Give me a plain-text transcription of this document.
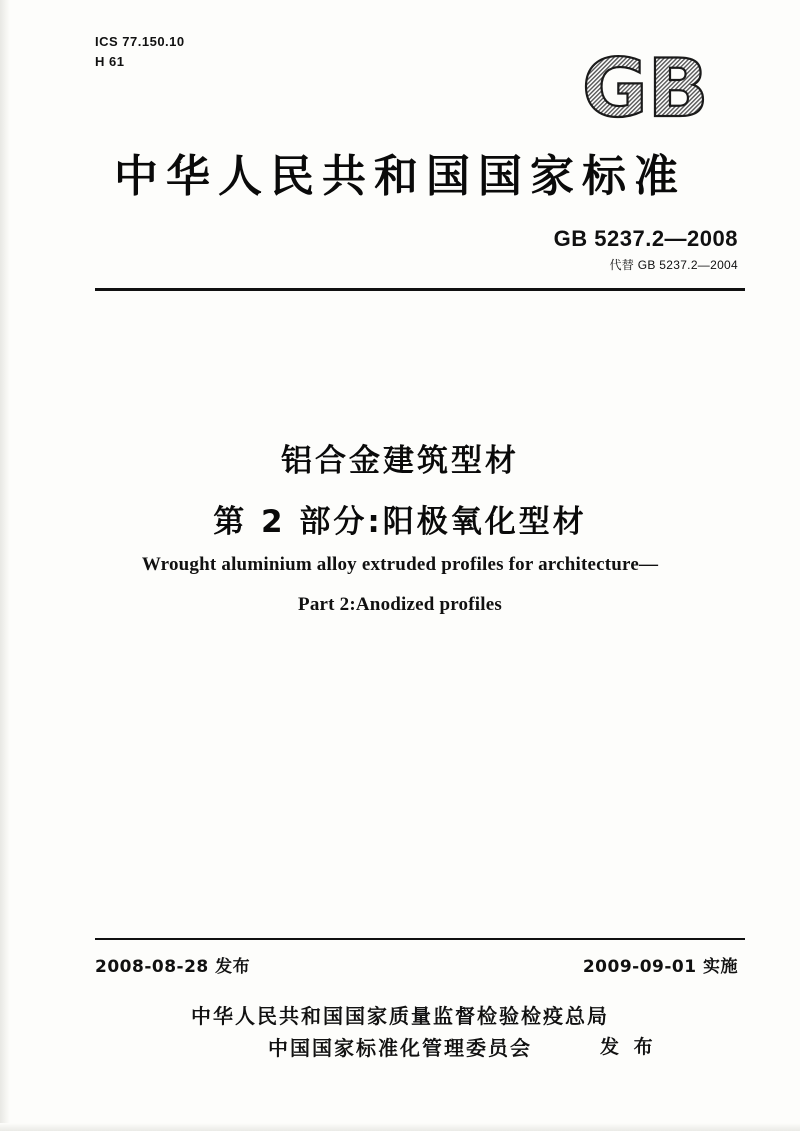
ICS 77.150.10
H 61	GB
中华人民共和国国家标准
GB 5237.2—2008
代替 GB 5237.2—2004
铝合金建筑型材
第 2 部分:阳极氧化型材
Wrought aluminium alloy extruded profiles for architecture—
Part 2:Anodized profiles
2008-08-28 发布	2009-09-01 实施
中华人民共和国国家质量监督检验检疫总局
中国国家标准化管理委员会	发 布
